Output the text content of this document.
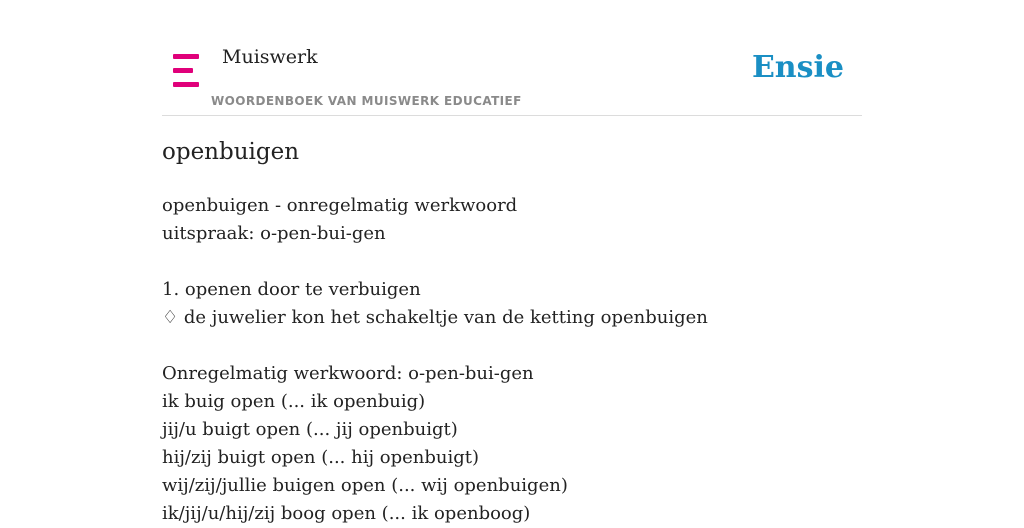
Muiswerk
WOORDENBOEK VAN MUISWERK EDUCATIEF
Ensie
openbuigen
openbuigen - onregelmatig werkwoord
uitspraak: o-pen-bui-gen
1. openen door te verbuigen
♢ de juwelier kon het schakeltje van de ketting openbuigen
Onregelmatig werkwoord: o-pen-bui-gen
ik buig open (... ik openbuig)
jij/u buigt open (... jij openbuigt)
hij/zij buigt open (... hij openbuigt)
wij/zij/jullie buigen open (... wij openbuigen)
ik/jij/u/hij/zij boog open (... ik openboog)
